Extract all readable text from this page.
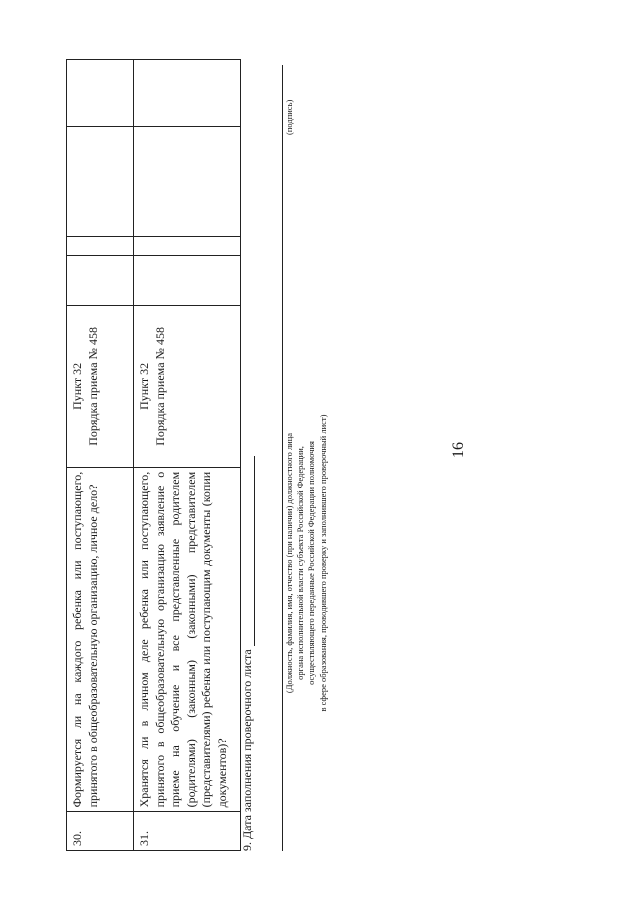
16
30.	Формируется ли на каждого ребенка или поступающего, принятого в общеобразовательную организацию, личное дело?	Пункт 32 Порядка приема № 458				

31.	Хранятся ли в личном деле ребенка или поступающего, принятого в общеобразовательную организацию заявление о приеме на обучение и все представленные родителем (родителями) (законным) (законными) представителем (представителями) ребенка или поступающим документы (копии документов)?	Пункт 32 Порядка приема № 458				

9. Дата заполнения проверочного листа
(Должность, фамилия, имя, отчество (при наличии) должностного лица органа исполнительной власти субъекта Российской Федерации, осуществляющего переданные Российской Федерации полномочия в сфере образования, проводившего проверку и заполнившего проверочный лист)
(подпись)
